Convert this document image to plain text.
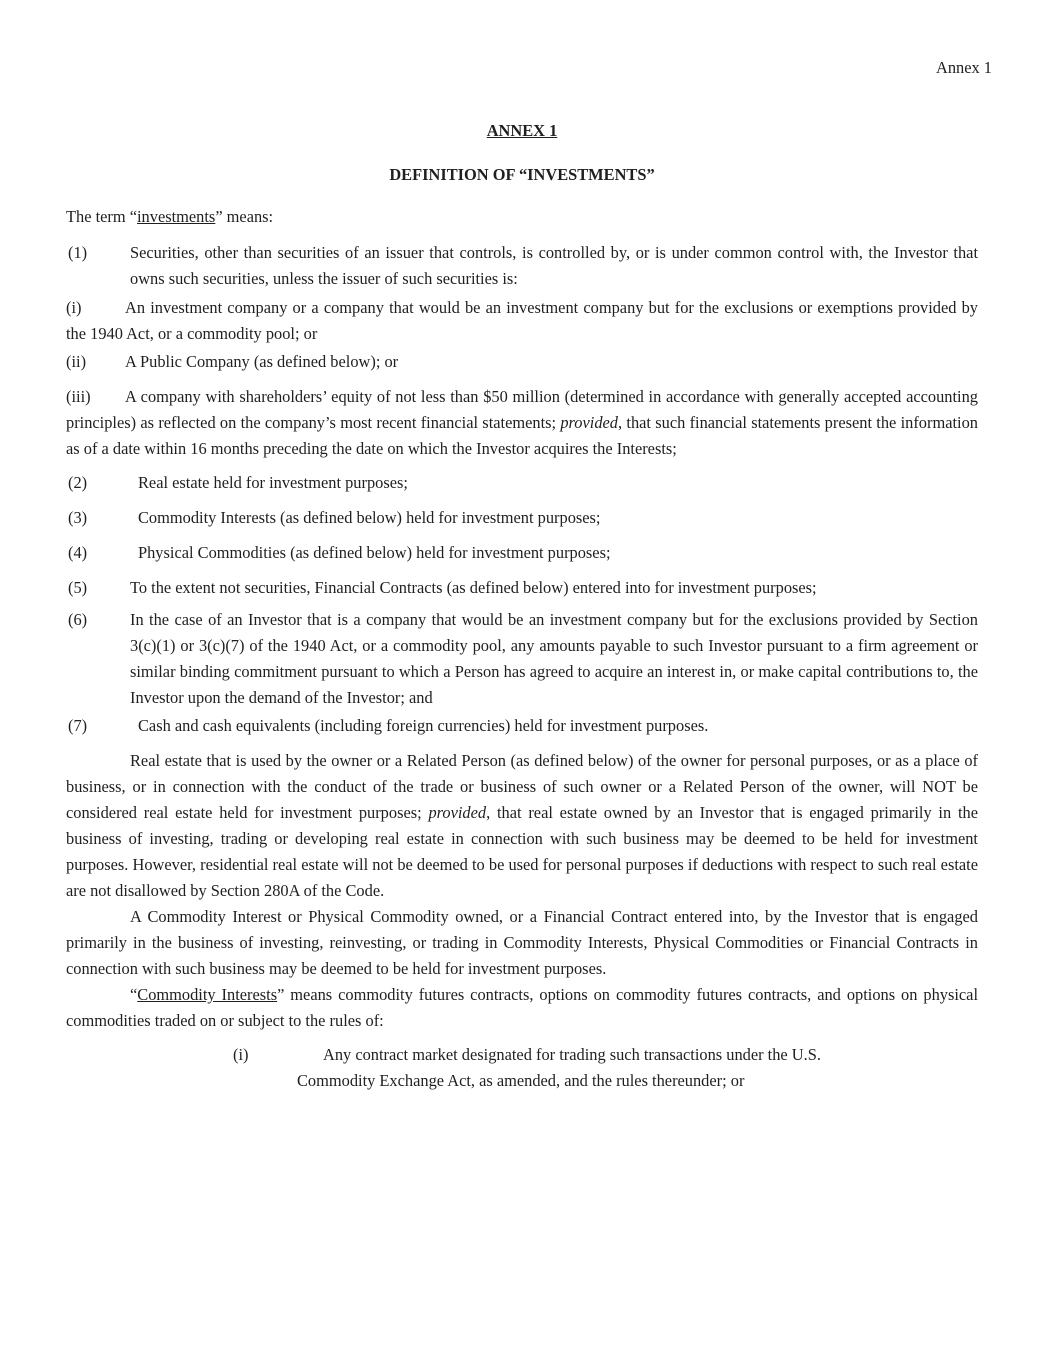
Annex 1
ANNEX 1
DEFINITION OF “INVESTMENTS”
The term “investments” means:
(1)	Securities, other than securities of an issuer that controls, is controlled by, or is under common control with, the Investor that owns such securities, unless the issuer of such securities is:
(i)	An investment company or a company that would be an investment company but for the exclusions or exemptions provided by the 1940 Act, or a commodity pool; or
(ii) A Public Company (as defined below); or
(iii) A company with shareholders’ equity of not less than $50 million (determined in accordance with generally accepted accounting principles) as reflected on the company’s most recent financial statements; provided, that such financial statements present the information as of a date within 16 months preceding the date on which the Investor acquires the Interests;
(2)	Real estate held for investment purposes;
(3)	Commodity Interests (as defined below) held for investment purposes;
(4)	Physical Commodities (as defined below) held for investment purposes;
(5)	To the extent not securities, Financial Contracts (as defined below) entered into for investment purposes;
(6)	In the case of an Investor that is a company that would be an investment company but for the exclusions provided by Section 3(c)(1) or 3(c)(7) of the 1940 Act, or a commodity pool, any amounts payable to such Investor pursuant to a firm agreement or similar binding commitment pursuant to which a Person has agreed to acquire an interest in, or make capital contributions to, the Investor upon the demand of the Investor; and
(7)	Cash and cash equivalents (including foreign currencies) held for investment purposes.
Real estate that is used by the owner or a Related Person (as defined below) of the owner for personal purposes, or as a place of business, or in connection with the conduct of the trade or business of such owner or a Related Person of the owner, will NOT be considered real estate held for investment purposes; provided, that real estate owned by an Investor that is engaged primarily in the business of investing, trading or developing real estate in connection with such business may be deemed to be held for investment purposes. However, residential real estate will not be deemed to be used for personal purposes if deductions with respect to such real estate are not disallowed by Section 280A of the Code.
A Commodity Interest or Physical Commodity owned, or a Financial Contract entered into, by the Investor that is engaged primarily in the business of investing, reinvesting, or trading in Commodity Interests, Physical Commodities or Financial Contracts in connection with such business may be deemed to be held for investment purposes.
“Commodity Interests” means commodity futures contracts, options on commodity futures contracts, and options on physical commodities traded on or subject to the rules of:
(i)	Any contract market designated for trading such transactions under the U.S. Commodity Exchange Act, as amended, and the rules thereunder; or
